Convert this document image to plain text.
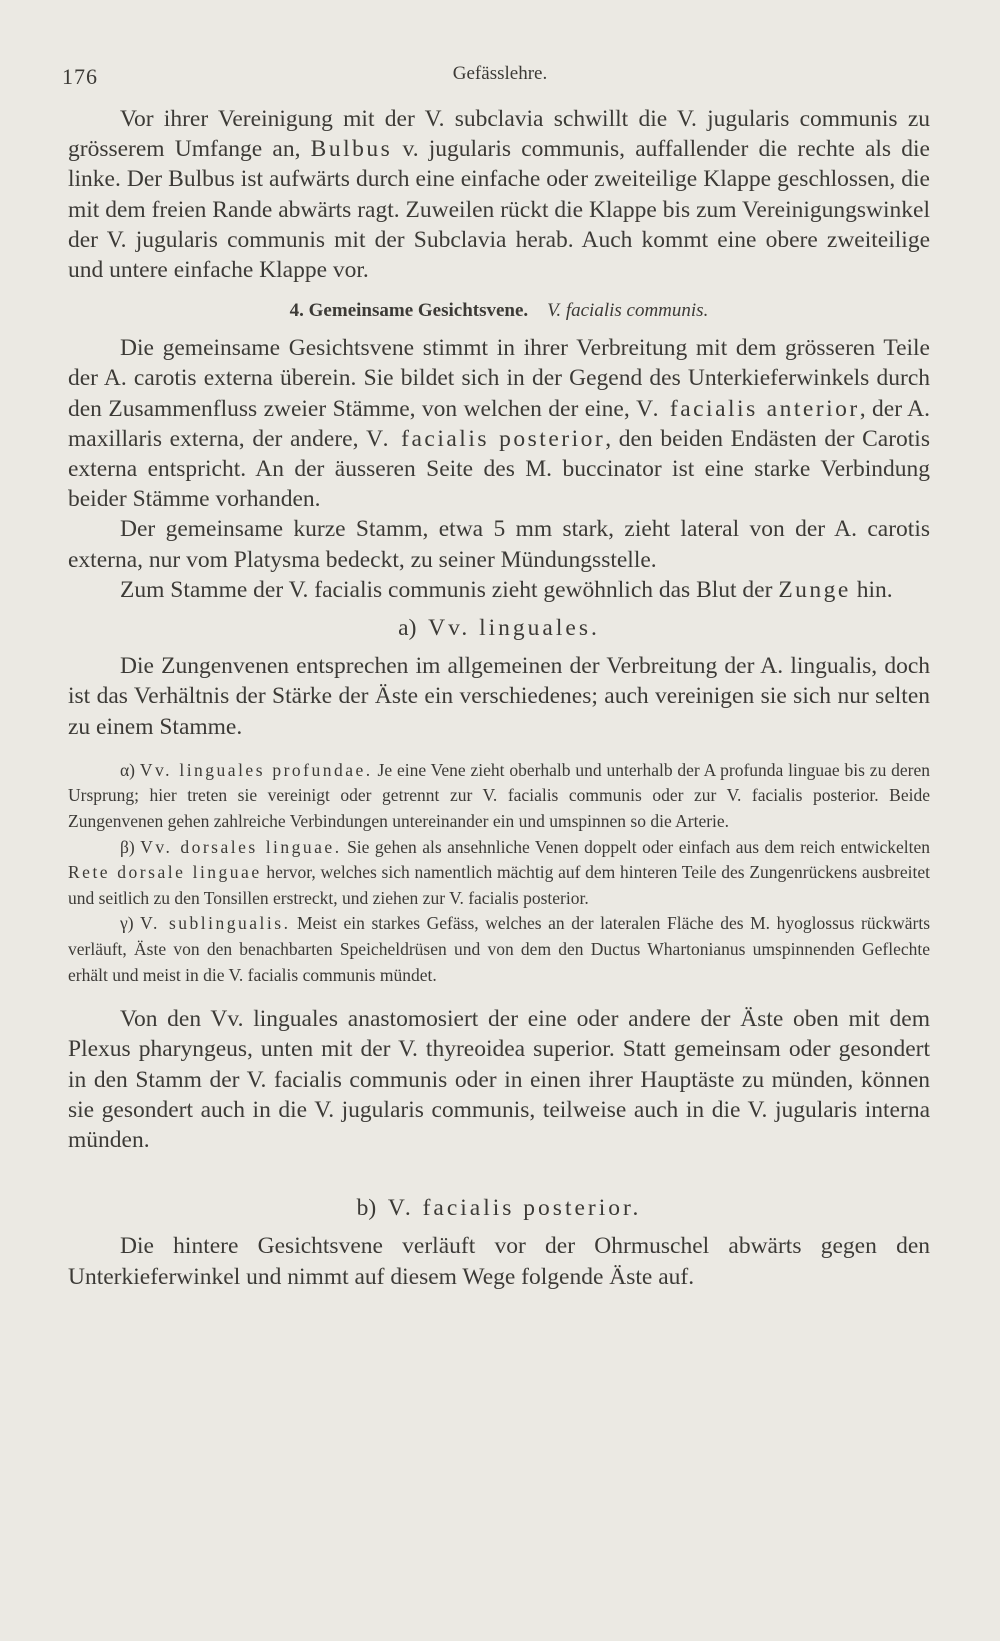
176	Gefässlehre.

Vor ihrer Vereinigung mit der V. subclavia schwillt die V. jugularis communis zu grösserem Umfange an, Bulbus v. jugularis communis, auffallender die rechte als die linke. Der Bulbus ist aufwärts durch eine einfache oder zweiteilige Klappe geschlossen, die mit dem freien Rande abwärts ragt. Zuweilen rückt die Klappe bis zum Vereinigungswinkel der V. jugularis communis mit der Subclavia herab. Auch kommt eine obere zweiteilige und untere einfache Klappe vor.

4. Gemeinsame Gesichtsvene. V. facialis communis.

Die gemeinsame Gesichtsvene stimmt in ihrer Verbreitung mit dem grösseren Teile der A. carotis externa überein. Sie bildet sich in der Gegend des Unterkieferwinkels durch den Zusammenfluss zweier Stämme, von welchen der eine, V. facialis anterior, der A. maxillaris externa, der andere, V. facialis posterior, den beiden Endästen der Carotis externa entspricht. An der äusseren Seite des M. buccinator ist eine starke Verbindung beider Stämme vorhanden.

Der gemeinsame kurze Stamm, etwa 5 mm stark, zieht lateral von der A. carotis externa, nur vom Platysma bedeckt, zu seiner Mündungsstelle.

Zum Stamme der V. facialis communis zieht gewöhnlich das Blut der Zunge hin.

a) Vv. linguales.

Die Zungenvenen entsprechen im allgemeinen der Verbreitung der A. lingualis, doch ist das Verhältnis der Stärke der Äste ein verschiedenes; auch vereinigen sie sich nur selten zu einem Stamme.

α) Vv. linguales profundae. Je eine Vene zieht oberhalb und unterhalb der A profunda linguae bis zu deren Ursprung; hier treten sie vereinigt oder getrennt zur V. facialis communis oder zur V. facialis posterior. Beide Zungenvenen gehen zahlreiche Verbindungen untereinander ein und umspinnen so die Arterie.

β) Vv. dorsales linguae. Sie gehen als ansehnliche Venen doppelt oder einfach aus dem reich entwickelten Rete dorsale linguae hervor, welches sich namentlich mächtig auf dem hinteren Teile des Zungenrückens ausbreitet und seitlich zu den Tonsillen erstreckt, und ziehen zur V. facialis posterior.

γ) V. sublingualis. Meist ein starkes Gefäss, welches an der lateralen Fläche des M. hyoglossus rückwärts verläuft, Äste von den benachbarten Speicheldrüsen und von dem den Ductus Whartonianus umspinnenden Geflechte erhält und meist in die V. facialis communis mündet.

Von den Vv. linguales anastomosiert der eine oder andere der Äste oben mit dem Plexus pharyngeus, unten mit der V. thyreoidea superior. Statt gemeinsam oder gesondert in den Stamm der V. facialis communis oder in einen ihrer Hauptäste zu münden, können sie gesondert auch in die V. jugularis communis, teilweise auch in die V. jugularis interna münden.

b) V. facialis posterior.

Die hintere Gesichtsvene verläuft vor der Ohrmuschel abwärts gegen den Unterkieferwinkel und nimmt auf diesem Wege folgende Äste auf.
